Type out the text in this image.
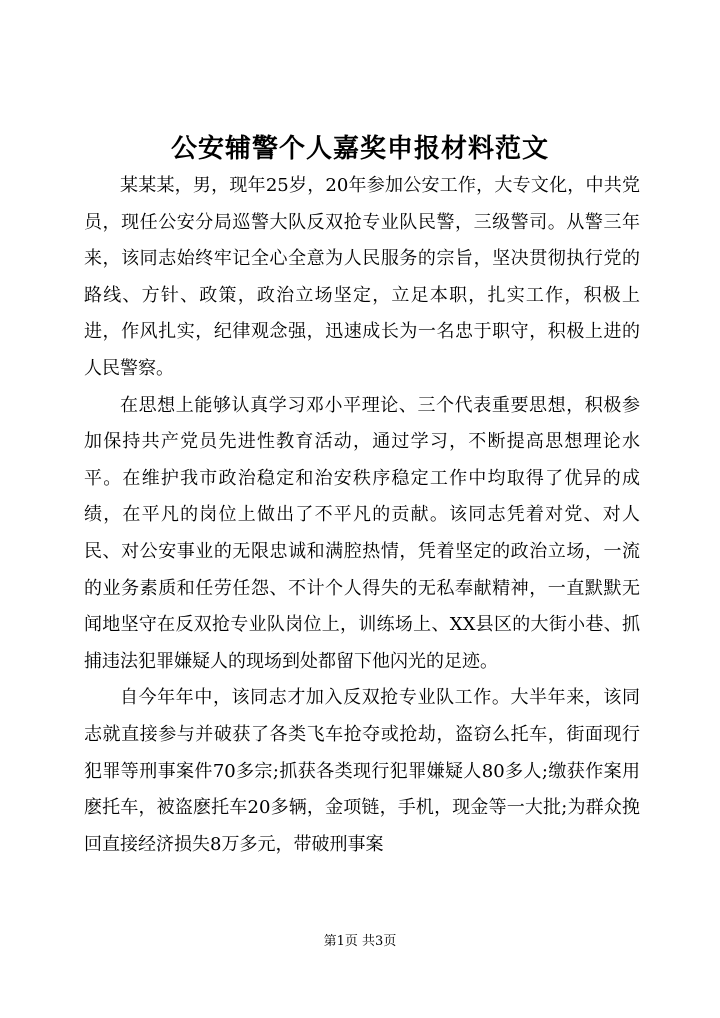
公安辅警个人嘉奖申报材料范文

某某某，男，现年25岁，20年参加公安工作，大专文化，中共党员，现任公安分局巡警大队反双抢专业队民警，三级警司。从警三年来，该同志始终牢记全心全意为人民服务的宗旨，坚决贯彻执行党的路线、方针、政策，政治立场坚定，立足本职，扎实工作，积极上进，作风扎实，纪律观念强，迅速成长为一名忠于职守，积极上进的人民警察。

在思想上能够认真学习邓小平理论、三个代表重要思想，积极参加保持共产党员先进性教育活动，通过学习，不断提高思想理论水平。在维护我市政治稳定和治安秩序稳定工作中均取得了优异的成绩，在平凡的岗位上做出了不平凡的贡献。该同志凭着对党、对人民、对公安事业的无限忠诚和满腔热情，凭着坚定的政治立场，一流的业务素质和任劳任怨、不计个人得失的无私奉献精神，一直默默无闻地坚守在反双抢专业队岗位上，训练场上、XX县区的大街小巷、抓捕违法犯罪嫌疑人的现场到处都留下他闪光的足迹。

自今年年中，该同志才加入反双抢专业队工作。大半年来，该同志就直接参与并破获了各类飞车抢夺或抢劫，盗窃么托车，街面现行犯罪等刑事案件70多宗;抓获各类现行犯罪嫌疑人80多人;缴获作案用麽托车，被盗麽托车20多辆，金项链，手机，现金等一大批;为群众挽回直接经济损失8万多元，带破刑事案

第1页 共3页
